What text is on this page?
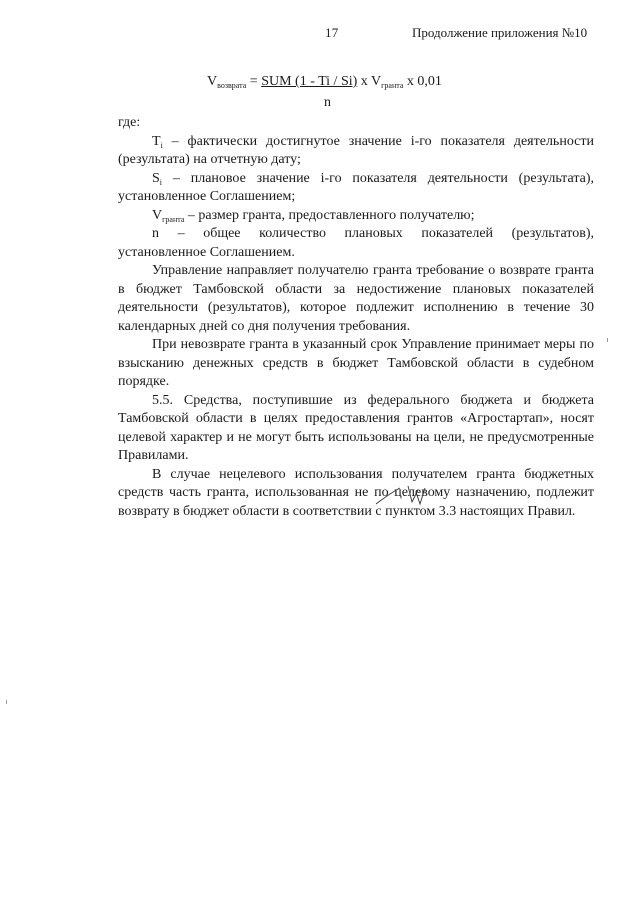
17	Продолжение приложения №10
$V_{возврата}$ = SUM (1 - Ti / Si) x $V_{гранта}$ x 0,01
n

где:

$T_i$ – фактически достигнутое значение i-го показателя деятельности (результата) на отчетную дату;

$S_i$ – плановое значение i-го показателя деятельности (результата), установленное Соглашением;

$V_{гранта}$ – размер гранта, предоставленного получателю;

n – общее количество плановых показателей (результатов), установленное Соглашением.

Управление направляет получателю гранта требование о возврате гранта в бюджет Тамбовской области за недостижение плановых показателей деятельности (результатов), которое подлежит исполнению в течение 30 календарных дней со дня получения требования.

При невозврате гранта в указанный срок Управление принимает меры по взысканию денежных средств в бюджет Тамбовской области в судебном порядке.

5.5. Средства, поступившие из федерального бюджета и бюджета Тамбовской области в целях предоставления грантов «Агростартап», носят целевой характер и не могут быть использованы на цели, не предусмотренные Правилами.

В случае нецелевого использования получателем гранта бюджетных средств часть гранта, использованная не по целевому назначению, подлежит возврату в бюджет области в соответствии с пунктом 3.3 настоящих Правил.
